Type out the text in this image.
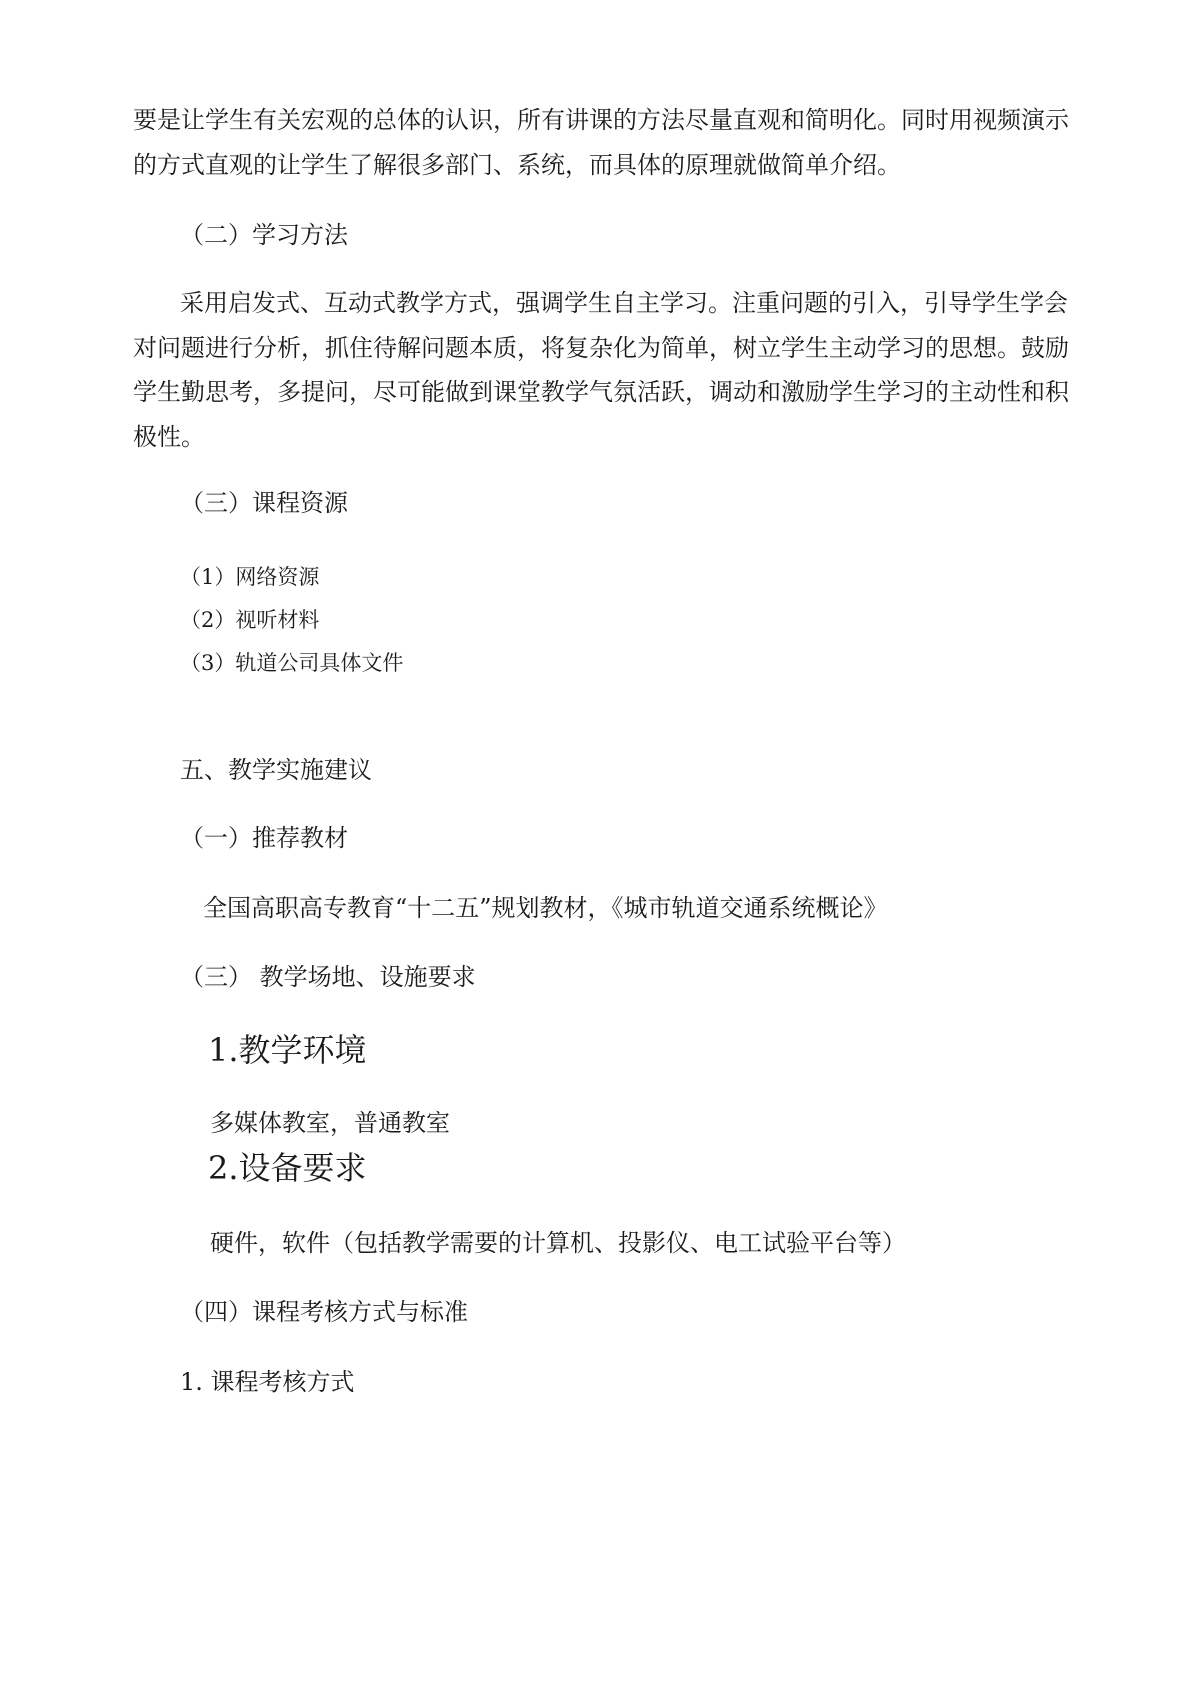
要是让学生有关宏观的总体的认识，所有讲课的方法尽量直观和简明化。同时用视频演示
的方式直观的让学生了解很多部门、系统，而具体的原理就做简单介绍。
（二）学习方法
采用启发式、互动式教学方式，强调学生自主学习。注重问题的引入，引导学生学会
对问题进行分析，抓住待解问题本质，将复杂化为简单，树立学生主动学习的思想。鼓励
学生勤思考，多提问，尽可能做到课堂教学气氛活跃，调动和激励学生学习的主动性和积
极性。
（三）课程资源
（1）网络资源
（2）视听材料
（3）轨道公司具体文件
五、教学实施建议
（一）推荐教材
全国高职高专教育“十二五”规划教材，《城市轨道交通系统概论》
（三） 教学场地、设施要求
1.教学环境
多媒体教室，普通教室
2.设备要求
硬件，软件（包括教学需要的计算机、投影仪、电工试验平台等）
（四）课程考核方式与标准
1. 课程考核方式
